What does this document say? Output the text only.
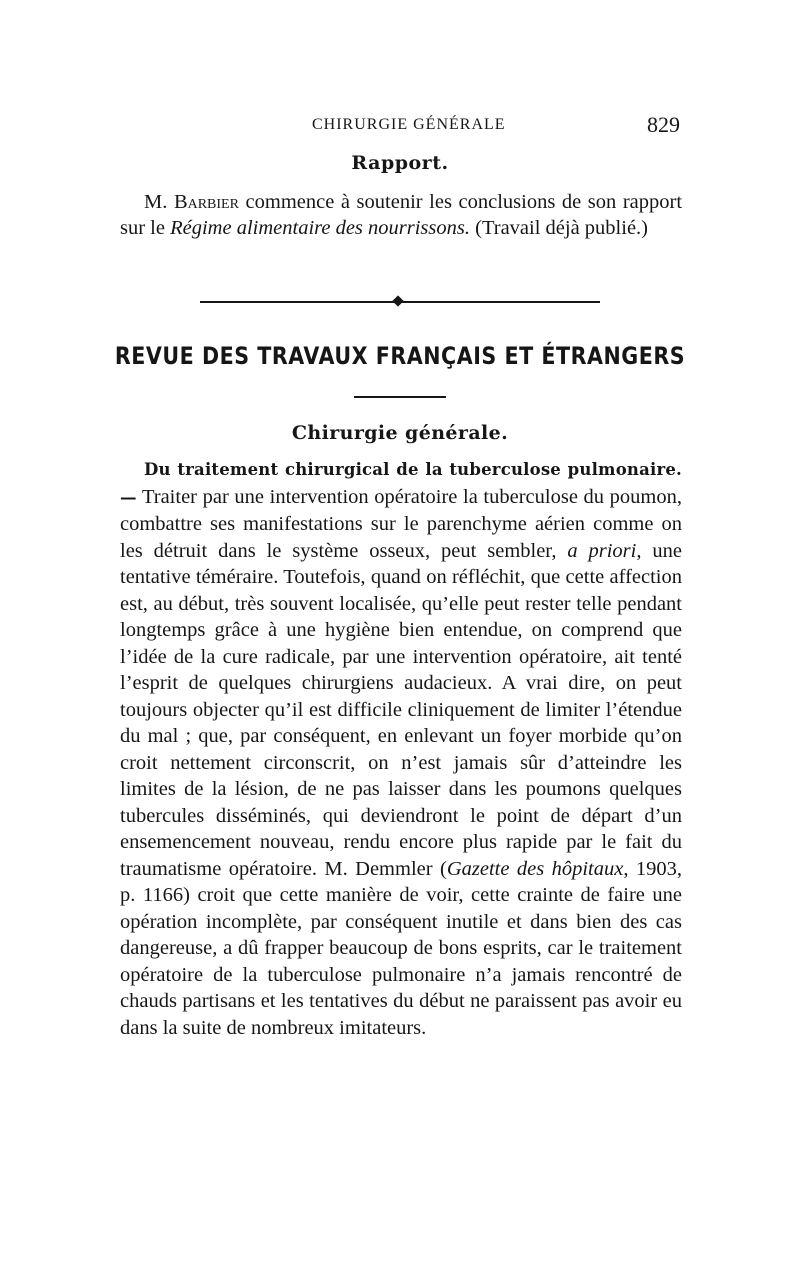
CHIRURGIE GÉNÉRALE	829
Rapport.

M. Barbier commence à soutenir les conclusions de son rapport sur le Régime alimentaire des nourrissons. (Travail déjà publié.)

REVUE DES TRAVAUX FRANÇAIS ET ÉTRANGERS
Chirurgie générale.

Du traitement chirurgical de la tuberculose pulmonaire. — Traiter par une intervention opératoire la tuberculose du poumon, combattre ses manifestations sur le parenchyme aérien comme on les détruit dans le système osseux, peut sembler, a priori, une tentative téméraire. Toutefois, quand on réfléchit, que cette affection est, au début, très souvent localisée, qu’elle peut rester telle pendant longtemps grâce à une hygiène bien entendue, on comprend que l’idée de la cure radicale, par une intervention opératoire, ait tenté l’esprit de quelques chirurgiens audacieux. A vrai dire, on peut toujours objecter qu’il est difficile cliniquement de limiter l’étendue du mal ; que, par conséquent, en enlevant un foyer morbide qu’on croit nettement circonscrit, on n’est jamais sûr d’atteindre les limites de la lésion, de ne pas laisser dans les poumons quelques tubercules disséminés, qui deviendront le point de départ d’un ensemencement nouveau, rendu encore plus rapide par le fait du traumatisme opératoire. M. Demmler (Gazette des hôpitaux, 1903, p. 1166) croit que cette manière de voir, cette crainte de faire une opération incomplète, par conséquent inutile et dans bien des cas dangereuse, a dû frapper beaucoup de bons esprits, car le traitement opératoire de la tuberculose pulmonaire n’a jamais rencontré de chauds partisans et les tentatives du début ne paraissent pas avoir eu dans la suite de nombreux imitateurs.
